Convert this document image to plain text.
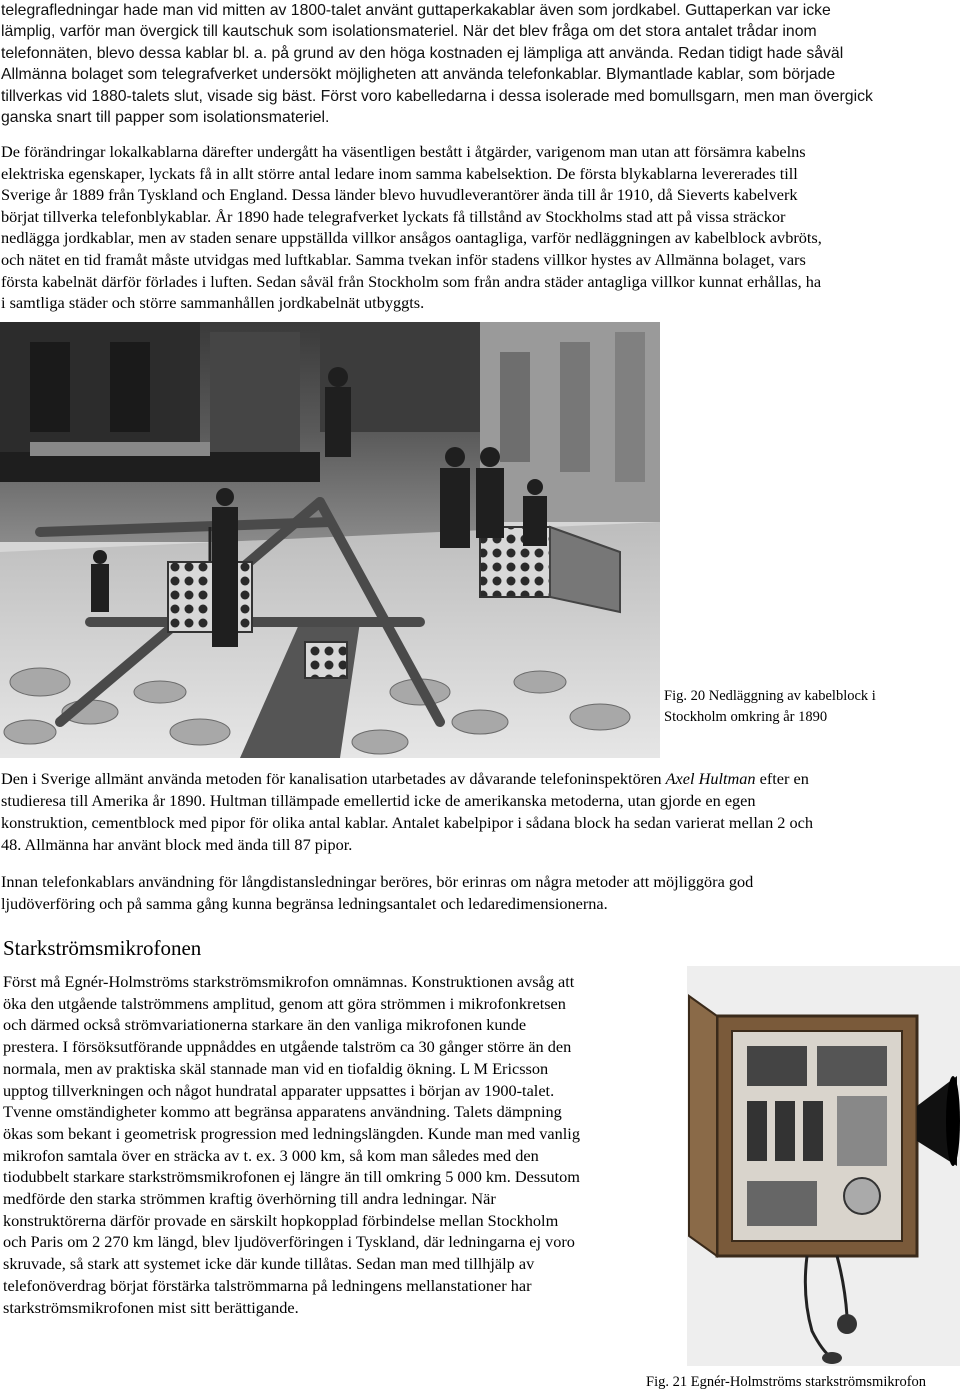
telegrafledningar hade man vid mitten av 1800-talet använt guttaperkakablar även som jordkabel. Guttaperkan var icke
lämplig, varför man övergick till kautschuk som isolationsmateriel. När det blev fråga om det stora antalet trådar inom
telefonnäten, blevo dessa kablar bl. a. på grund av den höga kostnaden ej lämpliga att använda. Redan tidigt hade såväl
Allmänna bolaget som telegrafverket undersökt möjligheten att använda telefonkablar. Blymantlade kablar, som började
tillverkas vid 1880-talets slut, visade sig bäst. Först voro kabelledarna i dessa isolerade med bomullsgarn, men man övergick
ganska snart till papper som isolationsmateriel.

De förändringar lokalkablarna därefter undergått ha väsentligen bestått i åtgärder, varigenom man utan att försämra kabelns
elektriska egenskaper, lyckats få in allt större antal ledare inom samma kabelsektion. De första blykablarna levererades till
Sverige år 1889 från Tyskland och England. Dessa länder blevo huvudleverantörer ända till år 1910, då Sieverts kabelverk
börjat tillverka telefonblykablar. År 1890 hade telegrafverket lyckats få tillstånd av Stockholms stad att på vissa sträckor
nedlägga jordkablar, men av staden senare uppställda villkor ansågos oantagliga, varför nedläggningen av kabelblock avbröts,
och nätet en tid framåt måste utvidgas med luftkablar. Samma tvekan inför stadens villkor hystes av Allmänna bolaget, vars
första kabelnät därför förlades i luften. Sedan såväl från Stockholm som från andra städer antagliga villkor kunnat erhållas, ha
i samtliga städer och större sammanhållen jordkabelnät utbyggts.

Fig. 20 Nedläggning av kabelblock i
Stockholm omkring år 1890

Den i Sverige allmänt använda metoden för kanalisation utarbetades av dåvarande telefoninspektören Axel Hultman efter en
studieresa till Amerika år 1890. Hultman tillämpade emellertid icke de amerikanska metoderna, utan gjorde en egen
konstruktion, cementblock med pipor för olika antal kablar. Antalet kabelpipor i sådana block ha sedan varierat mellan 2 och
48. Allmänna har använt block med ända till 87 pipor.

Innan telefonkablars användning för långdistansledningar beröres, bör erinras om några metoder att möjliggöra god
ljudöverföring och på samma gång kunna begränsa ledningsantalet och ledaredimensionerna.

Starkströmsmikrofonen

Först må Egnér-Holmströms starkströmsmikrofon omnämnas. Konstruktionen avsåg att
öka den utgående talströmmens amplitud, genom att göra strömmen i mikrofonkretsen
och därmed också strömvariationerna starkare än den vanliga mikrofonen kunde
prestera. I försöksutförande uppnåddes en utgående talström ca 30 gånger större än den
normala, men av praktiska skäl stannade man vid en tiofaldig ökning. L M Ericsson
upptog tillverkningen och något hundratal apparater uppsattes i början av 1900-talet.
Tvenne omständigheter kommo att begränsa apparatens användning. Talets dämpning
ökas som bekant i geometrisk progression med ledningslängden. Kunde man med vanlig
mikrofon samtala över en sträcka av t. ex. 3 000 km, så kom man således med den
tiodubbelt starkare starkströmsmikrofonen ej längre än till omkring 5 000 km. Dessutom
medförde den starka strömmen kraftig överhörning till andra ledningar. När
konstruktörerna därför provade en särskilt hopkopplad förbindelse mellan Stockholm
och Paris om 2 270 km längd, blev ljudöverföringen i Tyskland, där ledningarna ej voro
skruvade, så stark att systemet icke där kunde tillåtas. Sedan man med tillhjälp av
telefonöverdrag börjat förstärka talströmmarna på ledningens mellanstationer har
starkströmsmikrofonen mist sitt berättigande.

Fig. 21 Egnér-Holmströms starkströmsmikrofon
